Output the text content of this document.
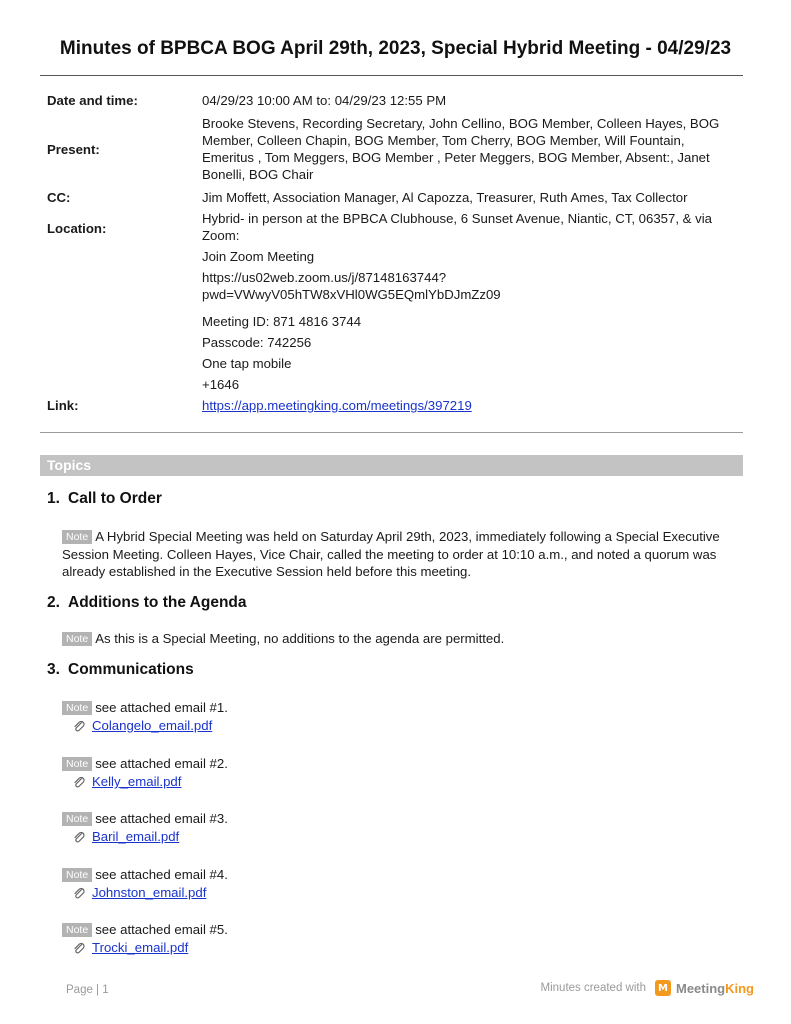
Minutes of BPBCA BOG April 29th, 2023, Special Hybrid Meeting - 04/29/23
Date and time:	04/29/23 10:00 AM to: 04/29/23 12:55 PM
Present:
Brooke Stevens, Recording Secretary, John Cellino, BOG Member, Colleen Hayes, BOG Member, Colleen Chapin, BOG Member, Tom Cherry, BOG Member, Will Fountain, Emeritus , Tom Meggers, BOG Member , Peter Meggers, BOG Member, Absent:, Janet Bonelli, BOG Chair
CC:	Jim Moffett, Association Manager, Al Capozza, Treasurer, Ruth Ames, Tax Collector
Location:

Hybrid- in person at the BPBCA Clubhouse, 6 Sunset Avenue, Niantic, CT, 06357, & via Zoom:

Join Zoom Meeting

https://us02web.zoom.us/j/87148163744?

pwd=VWwyV05hTW8xVHl0WG5EQmlYbDJmZz09

Meeting ID: 871 4816 3744

Passcode: 742256

One tap mobile

+1646

Link:	https://app.meetingking.com/meetings/397219
Topics
1. Call to Order
Note A Hybrid Special Meeting was held on Saturday April 29th, 2023, immediately following a Special Executive Session Meeting. Colleen Hayes, Vice Chair, called the meeting to order at 10:10 a.m., and noted a quorum was already established in the Executive Session held before this meeting.
2. Additions to the Agenda
Note As this is a Special Meeting, no additions to the agenda are permitted.
3. Communications
Note see attached email #1.
Colangelo_email.pdf
Note see attached email #2.
Kelly_email.pdf
Note see attached email #3.
Baril_email.pdf
Note see attached email #4.
Johnston_email.pdf
Note see attached email #5.
Trocki_email.pdf
Page | 1	Minutes created with	M MeetingKing
